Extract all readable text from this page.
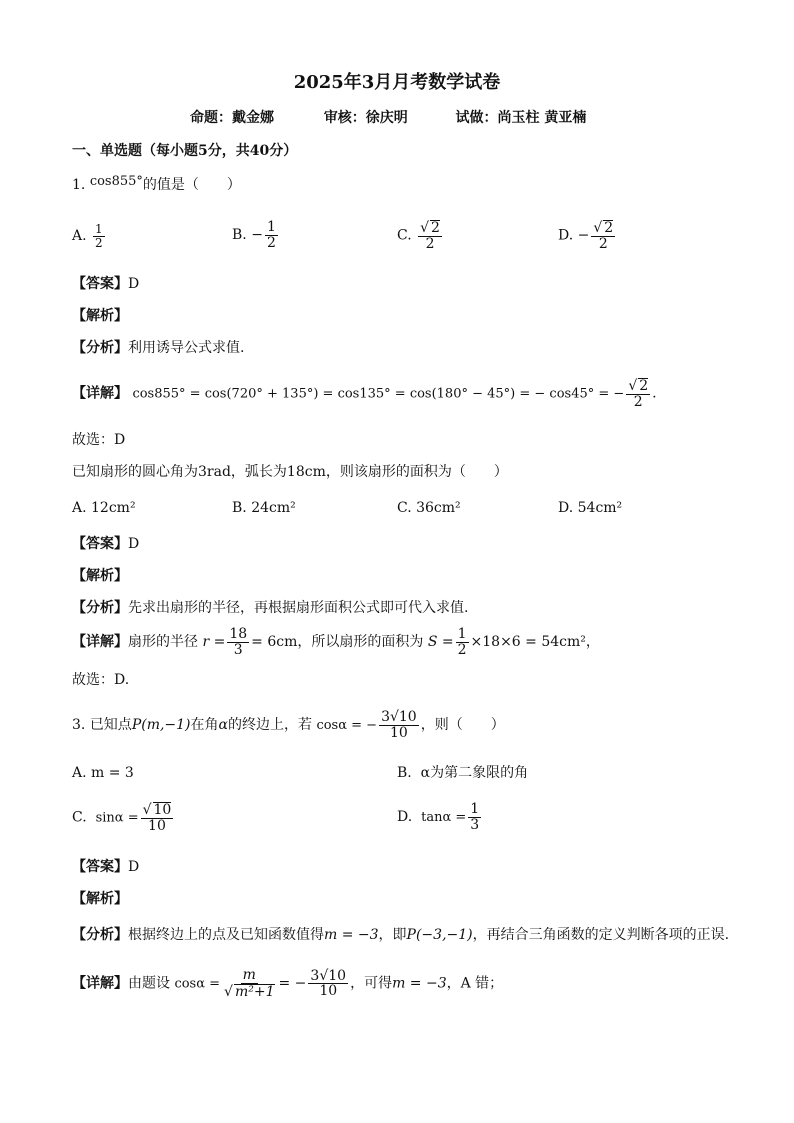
2025年3月月考数学试卷
命题：戴金娜	审核：徐庆明	试做：尚玉柱 黄亚楠
一、单选题（每小题5分，共40分）
1. cos855°的值是（　　）
A. $\frac{1}{2}$	B. − $\frac{1}{2}$	C. $\frac{√ 2}{2}$	D. − $\frac{√ 2}{2}$
【答案】D
【解析】
【分析】利用诱导公式求值.
【详解】 cos855° = cos(720° + 135°) = cos135° = cos(180° − 45°) = − cos45° = − $\frac{√ 2}{2}$ .
故选：D
已知扇形的圆心角为3rad，弧长为18cm，则该扇形的面积为（　　）
A. 12cm²	B. 24cm²	C. 36cm²	D. 54cm²
【答案】D
【解析】
【分析】先求出扇形的半径，再根据扇形面积公式即可代入求值.
【详解】扇形的半径 $r = \frac{18}{3} = 6cm$，所以扇形的面积为 $S = \frac{1}{2} \times 18\times 6 = 54cm^2$，
故选：D.
3. 已知点P(m,−1)在角α的终边上，若 cosα = − $\frac{3√10}{10}$ ，则（　　）
A. m = 3	B. α为第二象限的角
C. $\sin\alpha = \frac{√ 10}{10}$	D. $\tan\alpha = \frac{1}{3}$
【答案】D
【解析】
【分析】根据终边上的点及已知函数值得m = −3，即P(−3,−1)，再结合三角函数的定义判断各项的正误.
【详解】由题设 $\cos\alpha = \frac{m}{\text{√ m²+1}}$ = − $\frac{3√10}{10}$ ，可得m = −3，A 错；
